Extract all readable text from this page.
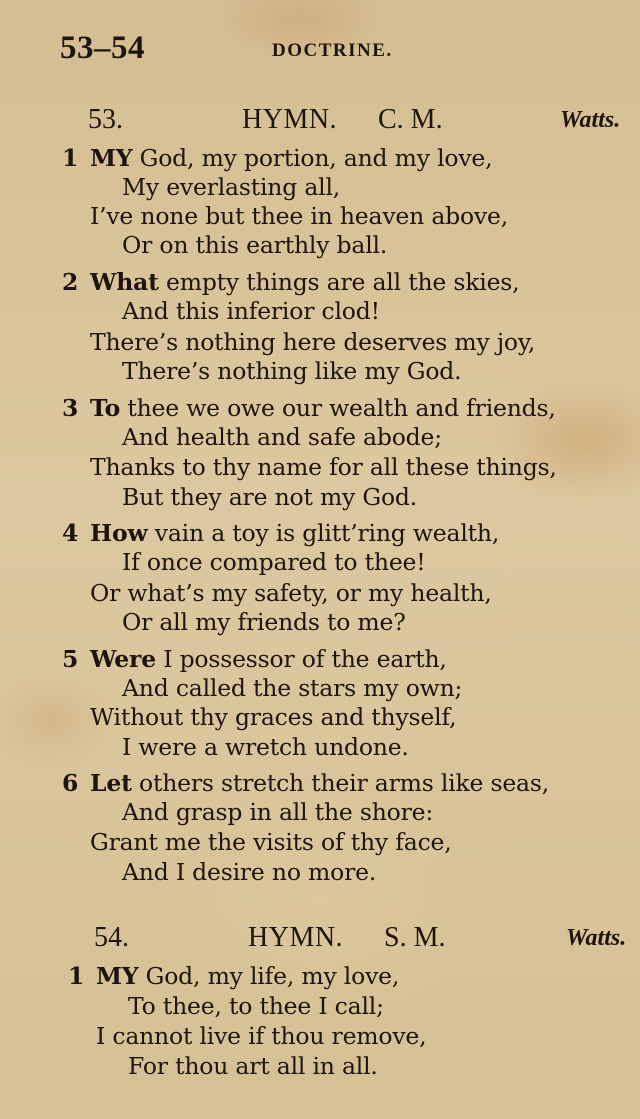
53–54	DOCTRINE.
53.	HYMN. C. M.	Watts.
1 MY God, my portion, and my love,
My everlasting all,
I’ve none but thee in heaven above,
Or on this earthly ball.
2 What empty things are all the skies,
And this inferior clod!
There’s nothing here deserves my joy,
There’s nothing like my God.
3 To thee we owe our wealth and friends,
And health and safe abode;
Thanks to thy name for all these things,
But they are not my God.
4 How vain a toy is glitt’ring wealth,
If once compared to thee!
Or what’s my safety, or my health,
Or all my friends to me?
5 Were I possessor of the earth,
And called the stars my own;
Without thy graces and thyself,
I were a wretch undone.
6 Let others stretch their arms like seas,
And grasp in all the shore:
Grant me the visits of thy face,
And I desire no more.
54.	HYMN. S. M.	Watts.
1 MY God, my life, my love,
To thee, to thee I call;
I cannot live if thou remove,
For thou art all in all.
